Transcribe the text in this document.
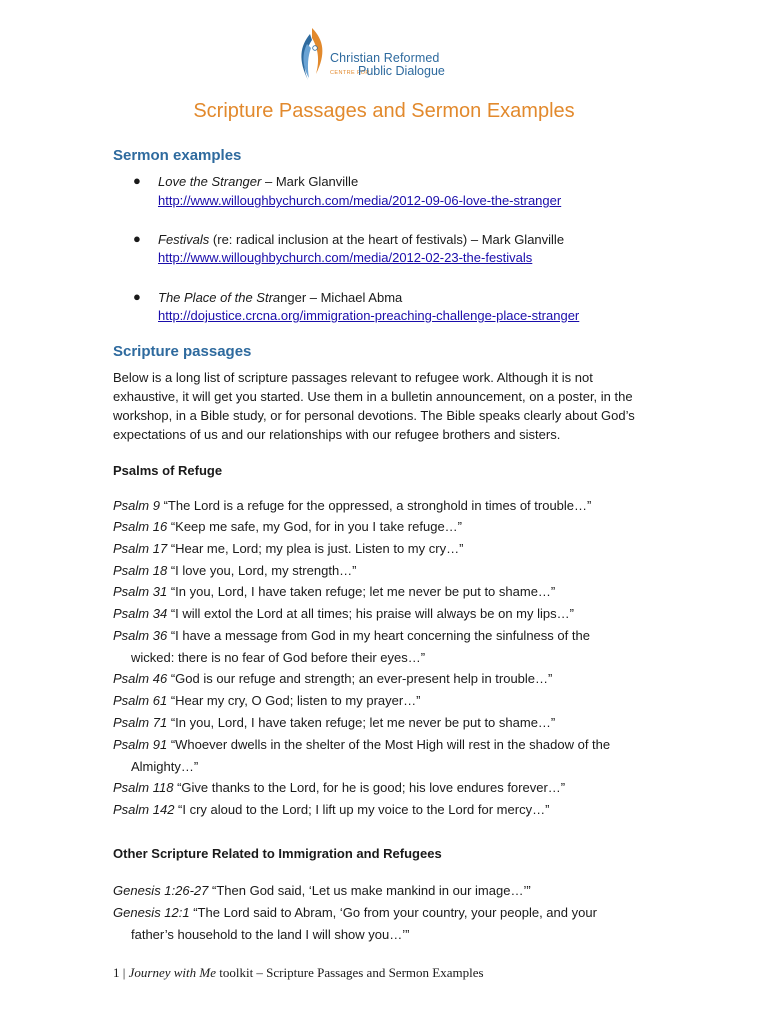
Christian Reformed
CENTRE FOR
Public Dialogue
Scripture Passages and Sermon Examples
Sermon examples
● Love the Stranger – Mark Glanville
http://www.willoughbychurch.com/media/2012-09-06-love-the-stranger
● Festivals (re: radical inclusion at the heart of festivals) – Mark Glanville
http://www.willoughbychurch.com/media/2012-02-23-the-festivals
● The Place of the Stranger – Michael Abma
http://dojustice.crcna.org/immigration-preaching-challenge-place-stranger
Scripture passages
Below is a long list of scripture passages relevant to refugee work. Although it is not exhaustive, it will get you started. Use them in a bulletin announcement, on a poster, in the workshop, in a Bible study, or for personal devotions. The Bible speaks clearly about God’s expectations of us and our relationships with our refugee brothers and sisters.
Psalms of Refuge
Psalm 9 “The Lord is a refuge for the oppressed, a stronghold in times of trouble…”
Psalm 16 “Keep me safe, my God, for in you I take refuge…”
Psalm 17 “Hear me, Lord; my plea is just. Listen to my cry…”
Psalm 18 “I love you, Lord, my strength…”
Psalm 31 “In you, Lord, I have taken refuge; let me never be put to shame…”
Psalm 34 “I will extol the Lord at all times; his praise will always be on my lips…”
Psalm 36 “I have a message from God in my heart concerning the sinfulness of the
wicked: there is no fear of God before their eyes…”
Psalm 46 “God is our refuge and strength; an ever-present help in trouble…”
Psalm 61 “Hear my cry, O God; listen to my prayer…”
Psalm 71 “In you, Lord, I have taken refuge; let me never be put to shame…”
Psalm 91 “Whoever dwells in the shelter of the Most High will rest in the shadow of the
Almighty…”
Psalm 118 “Give thanks to the Lord, for he is good; his love endures forever…”
Psalm 142 “I cry aloud to the Lord; I lift up my voice to the Lord for mercy…”
Other Scripture Related to Immigration and Refugees
Genesis 1:26-27 “Then God said, ‘Let us make mankind in our image…’”
Genesis 12:1 “The Lord said to Abram, ‘Go from your country, your people, and your
father’s household to the land I will show you…’”
1 | Journey with Me toolkit – Scripture Passages and Sermon Examples
